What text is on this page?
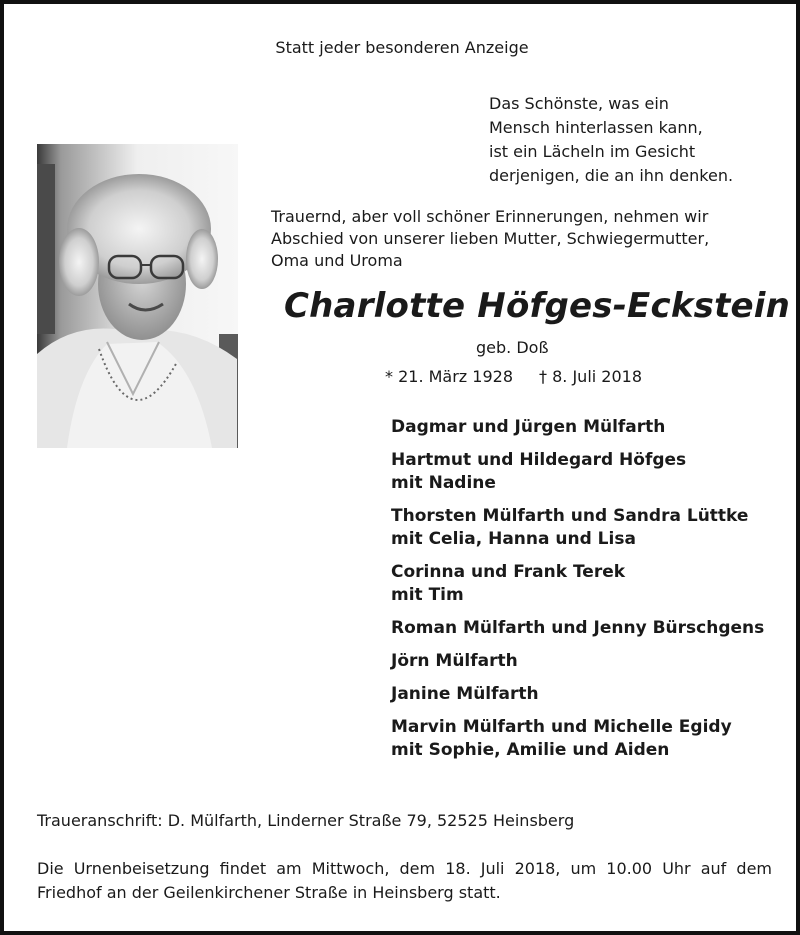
Statt jeder besonderen Anzeige
Das Schönste, was ein
Mensch hinterlassen kann,
ist ein Lächeln im Gesicht
derjenigen, die an ihn denken.
Trauernd, aber voll schöner Erinnerungen, nehmen wir
Abschied von unserer lieben Mutter, Schwiegermutter,
Oma und Uroma
Charlotte Höfges-Eckstein
geb. Doß
* 21. März 1928 † 8. Juli 2018
Dagmar und Jürgen Mülfarth
Hartmut und Hildegard Höfges
mit Nadine
Thorsten Mülfarth und Sandra Lüttke
mit Celia, Hanna und Lisa
Corinna und Frank Terek
mit Tim
Roman Mülfarth und Jenny Bürschgens
Jörn Mülfarth
Janine Mülfarth
Marvin Mülfarth und Michelle Egidy
mit Sophie, Amilie und Aiden
Traueranschrift: D. Mülfarth, Linderner Straße 79, 52525 Heinsberg
Die Urnenbeisetzung findet am Mittwoch, dem 18. Juli 2018, um 10.00 Uhr auf dem Friedhof an der Geilenkirchener Straße in Heinsberg statt.
